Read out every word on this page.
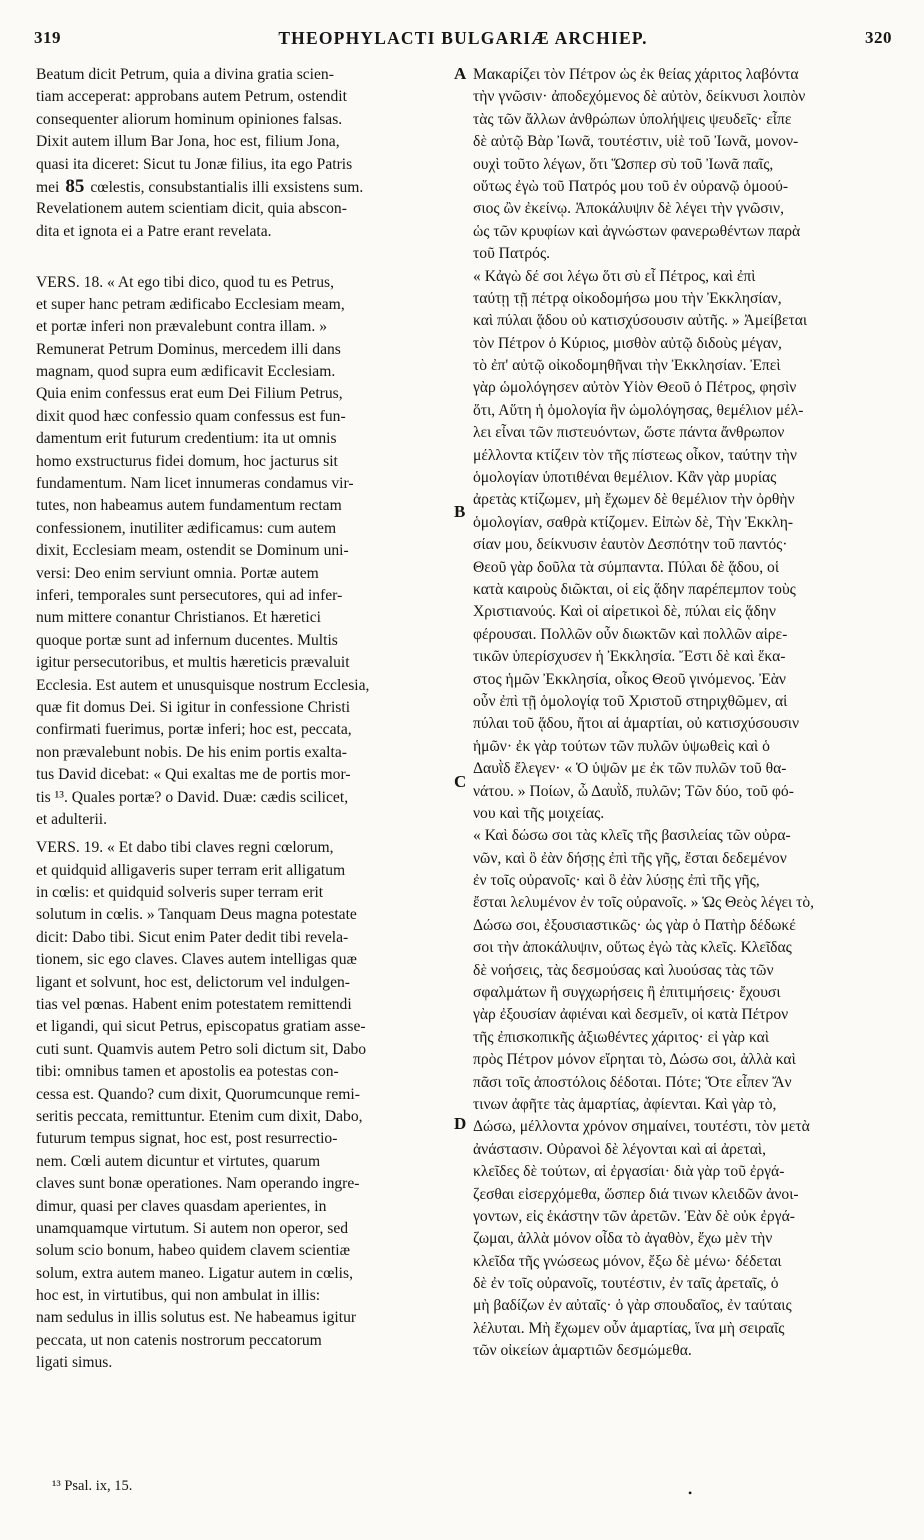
319	THEOPHYLACTI BULGARIÆ ARCHIEP.	320
Beatum dicit Petrum, quia a divina gratia scien-
tiam acceperat: approbans autem Petrum, ostendit
consequenter aliorum hominum opiniones falsas.
Dixit autem illum Bar Jona, hoc est, filium Jona,
quasi ita diceret: Sicut tu Jonæ filius, ita ego Patris
mei 85 cœlestis, consubstantialis illi exsistens sum.
Revelationem autem scientiam dicit, quia abscon-
dita et ignota ei a Patre erant revelata.
VERS. 18. « At ego tibi dico, quod tu es Petrus,
et super hanc petram ædificabo Ecclesiam meam,
et portæ inferi non prævalebunt contra illam. »
Remunerat Petrum Dominus, mercedem illi dans
magnam, quod supra eum ædificavit Ecclesiam.
Quia enim confessus erat eum Dei Filium Petrus,
dixit quod hæc confessio quam confessus est fun-
damentum erit futurum credentium: ita ut omnis
homo exstructurus fidei domum, hoc jacturus sit
fundamentum. Nam licet innumeras condamus vir-
tutes, non habeamus autem fundamentum rectam
confessionem, inutiliter ædificamus: cum autem
dixit, Ecclesiam meam, ostendit se Dominum uni-
versi: Deo enim serviunt omnia. Portæ autem
inferi, temporales sunt persecutores, qui ad infer-
num mittere conantur Christianos. Et hæretici
quoque portæ sunt ad infernum ducentes. Multis
igitur persecutoribus, et multis hæreticis prævaluit
Ecclesia. Est autem et unusquisque nostrum Ecclesia,
quæ fit domus Dei. Si igitur in confessione Christi
confirmati fuerimus, portæ inferi; hoc est, peccata,
non prævalebunt nobis. De his enim portis exalta-
tus David dicebat: « Qui exaltas me de portis mor-
tis ¹³. Quales portæ? o David. Duæ: cædis scilicet,
et adulterii.
VERS. 19. « Et dabo tibi claves regni cœlorum,
et quidquid alligaveris super terram erit alligatum
in cœlis: et quidquid solveris super terram erit
solutum in cœlis. » Tanquam Deus magna potestate
dicit: Dabo tibi. Sicut enim Pater dedit tibi revela-
tionem, sic ego claves. Claves autem intelligas quæ
ligant et solvunt, hoc est, delictorum vel indulgen-
tias vel pœnas. Habent enim potestatem remittendi
et ligandi, qui sicut Petrus, episcopatus gratiam asse-
cuti sunt. Quamvis autem Petro soli dictum sit, Dabo
tibi: omnibus tamen et apostolis ea potestas con-
cessa est. Quando? cum dixit, Quorumcunque remi-
seritis peccata, remittuntur. Etenim cum dixit, Dabo,
futurum tempus signat, hoc est, post resurrectio-
nem. Cœli autem dicuntur et virtutes, quarum
claves sunt bonæ operationes. Nam operando ingre-
dimur, quasi per claves quasdam aperientes, in
unamquamque virtutum. Si autem non operor, sed
solum scio bonum, habeo quidem clavem scientiæ
solum, extra autem maneo. Ligatur autem in cœlis,
hoc est, in virtutibus, qui non ambulat in illis:
nam sedulus in illis solutus est. Ne habeamus igitur
peccata, ut non catenis nostrorum peccatorum
ligati simus.
Μακαρίζει τὸν Πέτρον ὡς ἐκ θείας χάριτος λαβόντα
τὴν γνῶσιν· ἀποδεχόμενος δὲ αὐτὸν, δείκνυσι λοιπὸν
τὰς τῶν ἄλλων ἀνθρώπων ὑπολήψεις ψευδεῖς· εἶπε
δὲ αὐτῷ Βὰρ Ἰωνᾶ, τουτέστιν, υἱὲ τοῦ Ἰωνᾶ, μονον-
ουχὶ τοῦτο λέγων, ὅτι Ὥσπερ σὺ τοῦ Ἰωνᾶ παῖς,
οὕτως ἐγὼ τοῦ Πατρός μου τοῦ ἐν οὐρανῷ ὁμοού-
σιος ὢν ἐκείνῳ. Ἀποκάλυψιν δὲ λέγει τὴν γνῶσιν,
ὡς τῶν κρυφίων καὶ ἀγνώστων φανερωθέντων παρὰ
τοῦ Πατρός.
« Κἀγὼ δέ σοι λέγω ὅτι σὺ εἶ Πέτρος, καὶ ἐπὶ
ταύτῃ τῇ πέτρᾳ οἰκοδομήσω μου τὴν Ἐκκλησίαν,
καὶ πύλαι ᾅδου οὐ κατισχύσουσιν αὐτῆς. » Ἀμείβεται
τὸν Πέτρον ὁ Κύριος, μισθὸν αὐτῷ διδοὺς μέγαν,
τὸ ἐπ' αὐτῷ οἰκοδομηθῆναι τὴν Ἐκκλησίαν. Ἐπεὶ
γὰρ ὡμολόγησεν αὐτὸν Υἱὸν Θεοῦ ὁ Πέτρος, φησὶν
ὅτι, Αὕτη ἡ ὁμολογία ἣν ὡμολόγησας, θεμέλιον μέλ-
λει εἶναι τῶν πιστευόντων, ὥστε πάντα ἄνθρωπον
μέλλοντα κτίζειν τὸν τῆς πίστεως οἶκον, ταύτην τὴν
ὁμολογίαν ὑποτιθέναι θεμέλιον. Κἂν γὰρ μυρίας
ἀρετὰς κτίζωμεν, μὴ ἔχωμεν δὲ θεμέλιον τὴν ὀρθὴν
ὁμολογίαν, σαθρὰ κτίζομεν. Εἰπὼν δὲ, Τὴν Ἐκκλη-
σίαν μου, δείκνυσιν ἑαυτὸν Δεσπότην τοῦ παντός·
Θεοῦ γὰρ δοῦλα τὰ σύμπαντα. Πύλαι δὲ ᾅδου, οἱ
κατὰ καιροὺς διῶκται, οἱ εἰς ᾅδην παρέπεμπον τοὺς
Χριστιανούς. Καὶ οἱ αἱρετικοὶ δὲ, πύλαι εἰς ᾅδην
φέρουσαι. Πολλῶν οὖν διωκτῶν καὶ πολλῶν αἱρε-
τικῶν ὑπερίσχυσεν ἡ Ἐκκλησία. Ἔστι δὲ καὶ ἕκα-
στος ἡμῶν Ἐκκλησία, οἶκος Θεοῦ γινόμενος. Ἐὰν
οὖν ἐπὶ τῇ ὁμολογίᾳ τοῦ Χριστοῦ στηριχθῶμεν, αἱ
πύλαι τοῦ ᾅδου, ἤτοι αἱ ἁμαρτίαι, οὐ κατισχύσουσιν
ἡμῶν· ἐκ γὰρ τούτων τῶν πυλῶν ὑψωθεὶς καὶ ὁ
Δαυῒδ ἔλεγεν· « Ὁ ὑψῶν με ἐκ τῶν πυλῶν τοῦ θα-
νάτου. » Ποίων, ὦ Δαυῒδ, πυλῶν; Τῶν δύο, τοῦ φό-
νου καὶ τῆς μοιχείας.
« Καὶ δώσω σοι τὰς κλεῖς τῆς βασιλείας τῶν οὐρα-
νῶν, καὶ ὃ ἐὰν δήσῃς ἐπὶ τῆς γῆς, ἔσται δεδεμένον
ἐν τοῖς οὐρανοῖς· καὶ ὃ ἐὰν λύσῃς ἐπὶ τῆς γῆς,
ἔσται λελυμένον ἐν τοῖς οὐρανοῖς. » Ὡς Θεὸς λέγει τὸ,
Δώσω σοι, ἐξουσιαστικῶς· ὡς γὰρ ὁ Πατὴρ δέδωκέ
σοι τὴν ἀποκάλυψιν, οὕτως ἐγὼ τὰς κλεῖς. Κλεῖδας
δὲ νοήσεις, τὰς δεσμούσας καὶ λυούσας τὰς τῶν
σφαλμάτων ἢ συγχωρήσεις ἢ ἐπιτιμήσεις· ἔχουσι
γὰρ ἐξουσίαν ἀφιέναι καὶ δεσμεῖν, οἱ κατὰ Πέτρον
τῆς ἐπισκοπικῆς ἀξιωθέντες χάριτος· εἰ γὰρ καὶ
πρὸς Πέτρον μόνον εἴρηται τὸ, Δώσω σοι, ἀλλὰ καὶ
πᾶσι τοῖς ἀποστόλοις δέδοται. Πότε; Ὅτε εἶπεν Ἄν
τινων ἀφῆτε τὰς ἁμαρτίας, ἀφίενται. Καὶ γὰρ τὸ,
Δώσω, μέλλοντα χρόνον σημαίνει, τουτέστι, τὸν μετὰ
ἀνάστασιν. Οὐρανοὶ δὲ λέγονται καὶ αἱ ἀρεταὶ,
κλεῖδες δὲ τούτων, αἱ ἐργασίαι· διὰ γὰρ τοῦ ἐργά-
ζεσθαι εἰσερχόμεθα, ὥσπερ διά τινων κλειδῶν ἀνοι-
γοντων, εἰς ἑκάστην τῶν ἀρετῶν. Ἐὰν δὲ οὐκ ἐργά-
ζωμαι, ἀλλὰ μόνον οἶδα τὸ ἀγαθὸν, ἔχω μὲν τὴν
κλεῖδα τῆς γνώσεως μόνον, ἔξω δὲ μένω· δέδεται
δὲ ἐν τοῖς οὐρανοῖς, τουτέστιν, ἐν ταῖς ἀρεταῖς, ὁ
μὴ βαδίζων ἐν αὐταῖς· ὁ γὰρ σπουδαῖος, ἐν ταύταις
λέλυται. Μὴ ἔχωμεν οὖν ἁμαρτίας, ἵνα μὴ σειραῖς
τῶν οἰκείων ἁμαρτιῶν δεσμώμεθα.
A
B
C
D
¹³ Psal. ix, 15.	•
